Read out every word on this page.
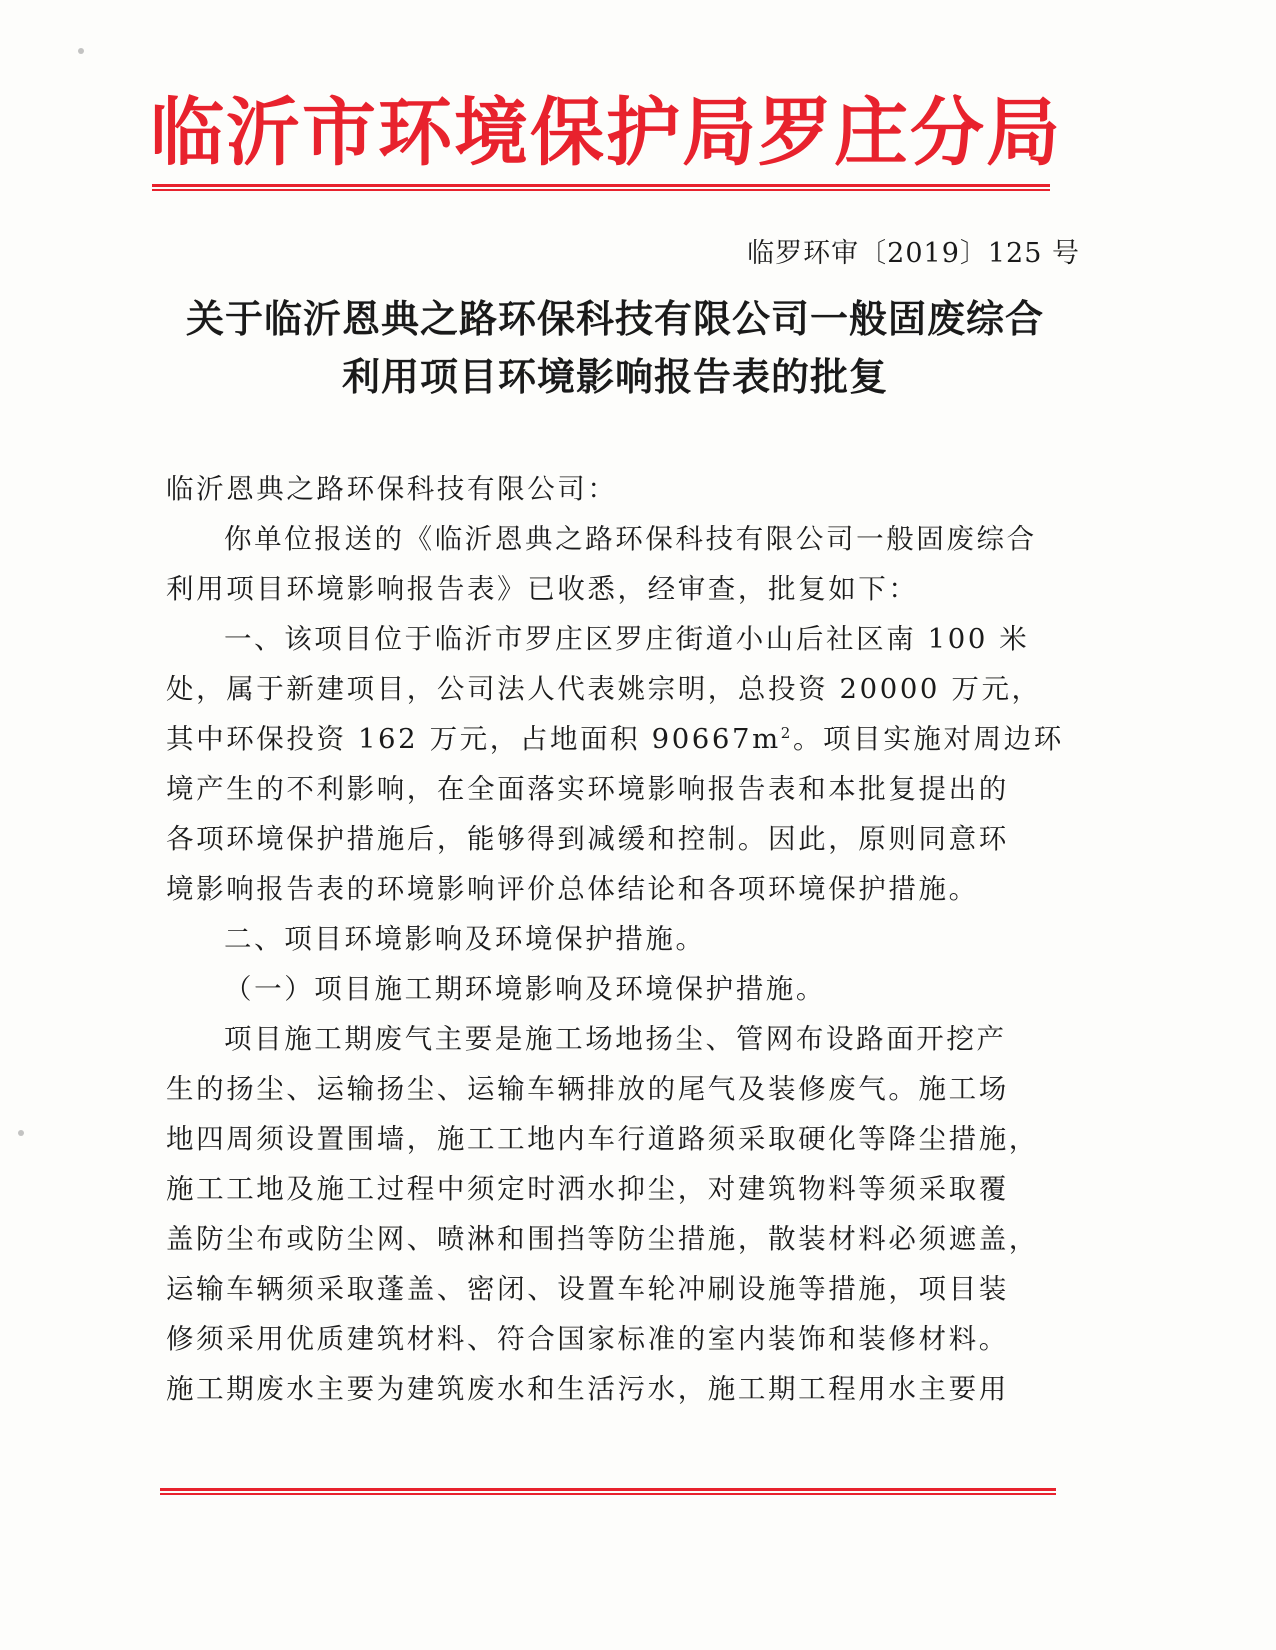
临沂市环境保护局罗庄分局
临罗环审〔2019〕125 号
关于临沂恩典之路环保科技有限公司一般固废综合
利用项目环境影响报告表的批复
临沂恩典之路环保科技有限公司：
你单位报送的《临沂恩典之路环保科技有限公司一般固废综合
利用项目环境影响报告表》已收悉，经审查，批复如下：
一、该项目位于临沂市罗庄区罗庄街道小山后社区南 100 米
处，属于新建项目，公司法人代表姚宗明，总投资 20000 万元，
其中环保投资 162 万元，占地面积 $90667m^2$。项目实施对周边环
境产生的不利影响，在全面落实环境影响报告表和本批复提出的
各项环境保护措施后，能够得到减缓和控制。因此，原则同意环
境影响报告表的环境影响评价总体结论和各项环境保护措施。
二、项目环境影响及环境保护措施。
（一）项目施工期环境影响及环境保护措施。
项目施工期废气主要是施工场地扬尘、管网布设路面开挖产
生的扬尘、运输扬尘、运输车辆排放的尾气及装修废气。施工场
地四周须设置围墙，施工工地内车行道路须采取硬化等降尘措施，
施工工地及施工过程中须定时洒水抑尘，对建筑物料等须采取覆
盖防尘布或防尘网、喷淋和围挡等防尘措施，散装材料必须遮盖，
运输车辆须采取蓬盖、密闭、设置车轮冲刷设施等措施，项目装
修须采用优质建筑材料、符合国家标准的室内装饰和装修材料。
施工期废水主要为建筑废水和生活污水，施工期工程用水主要用
